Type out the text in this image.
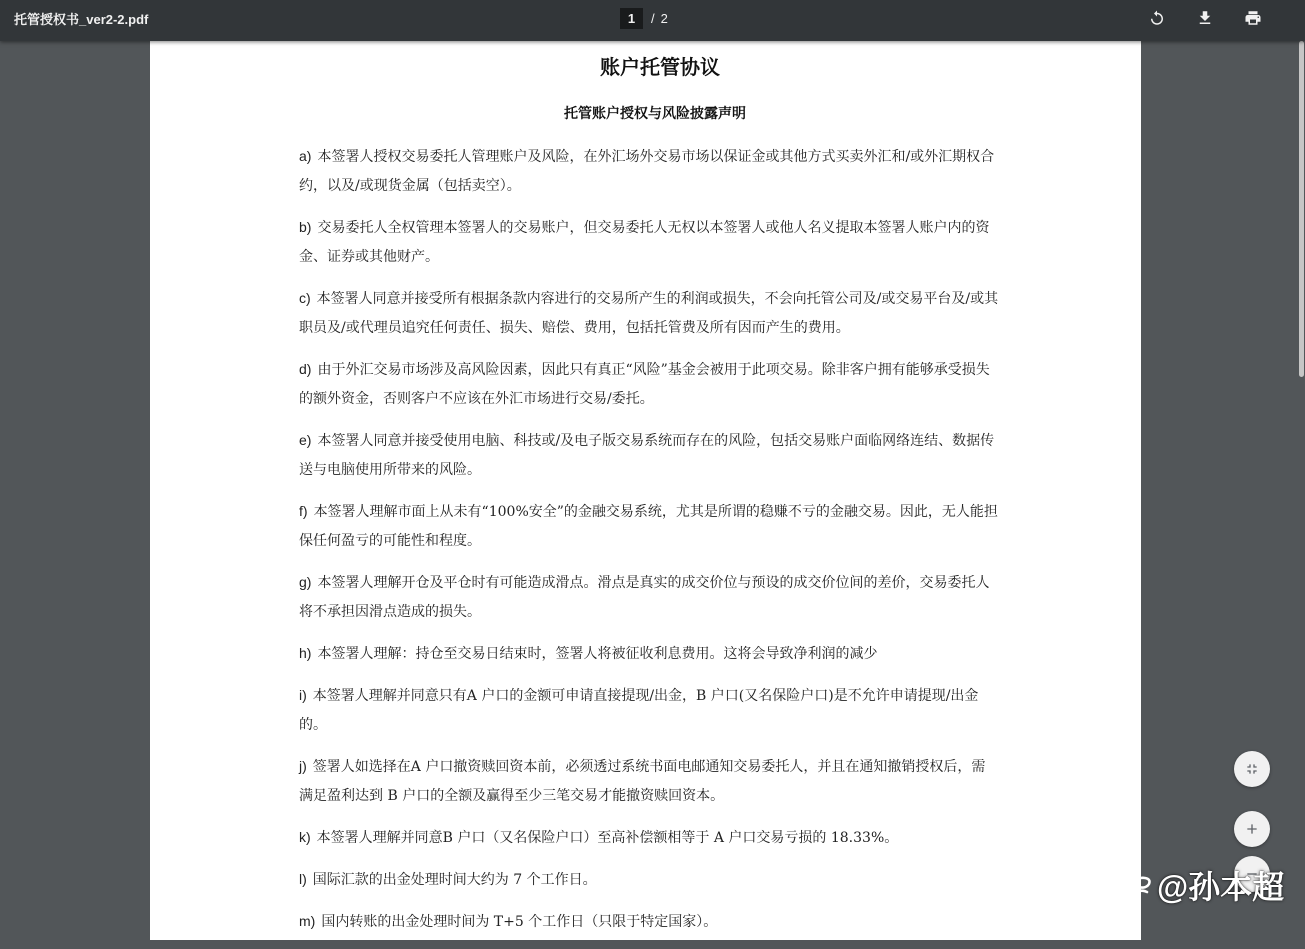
托管授权书_ver2-2.pdf
1	/ 2
账户托管协议
托管账户授权与风险披露声明
a) 本签署人授权交易委托人管理账户及风险，在外汇场外交易市场以保证金或其他方式买卖外汇和/或外汇期权合约，以及/或现货金属（包括卖空）。
b) 交易委托人全权管理本签署人的交易账户，但交易委托人无权以本签署人或他人名义提取本签署人账户内的资金、证券或其他财产。
c) 本签署人同意并接受所有根据条款内容进行的交易所产生的利润或损失，不会向托管公司及/或交易平台及/或其职员及/或代理员追究任何责任、损失、赔偿、费用，包括托管费及所有因而产生的费用。
d) 由于外汇交易市场涉及高风险因素，因此只有真正“风险”基金会被用于此项交易。除非客户拥有能够承受损失的额外资金，否则客户不应该在外汇市场进行交易/委托。
e) 本签署人同意并接受使用电脑、科技或/及电子版交易系统而存在的风险，包括交易账户面临网络连结、数据传送与电脑使用所带来的风险。
f) 本签署人理解市面上从未有“100%安全”的金融交易系统，尤其是所谓的稳赚不亏的金融交易。因此，无人能担保任何盈亏的可能性和程度。
g) 本签署人理解开仓及平仓时有可能造成滑点。滑点是真实的成交价位与预设的成交价位间的差价，交易委托人将不承担因滑点造成的损失。
h) 本签署人理解：持仓至交易日结束时，签署人将被征收利息费用。这将会导致净利润的减少
i) 本签署人理解并同意只有A 户口的金额可申请直接提现/出金，B 户口(又名保险户口)是不允许申请提现/出金的。
j) 签署人如选择在A 户口撤资赎回资本前，必须透过系统书面电邮通知交易委托人，并且在通知撤销授权后，需满足盈利达到 B 户口的全额及赢得至少三笔交易才能撤资赎回资本。
k) 本签署人理解并同意B 户口（又名保险户口）至高补偿额相等于 A 户口交易亏损的 18.33%。
l) 国际汇款的出金处理时间大约为 7 个工作日。
m) 国内转账的出金处理时间为 T+5 个工作日（只限于特定国家）。
@孙本超
